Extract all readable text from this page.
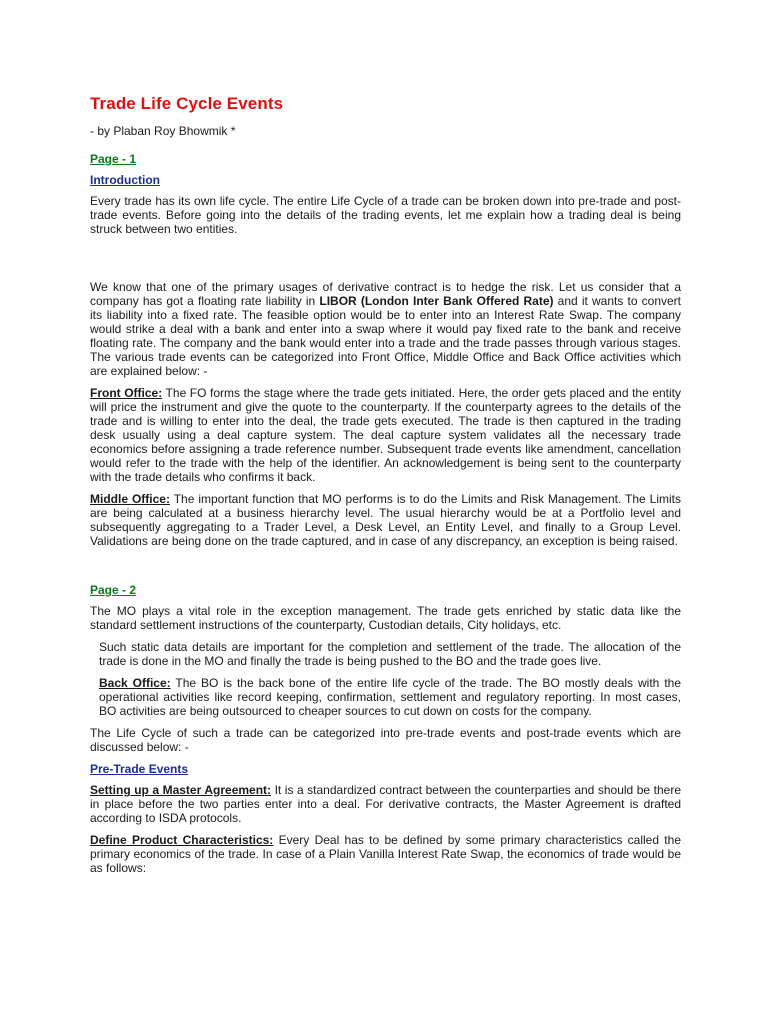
Trade Life Cycle Events
- by Plaban Roy Bhowmik *
Page - 1
Introduction

Every trade has its own life cycle. The entire Life Cycle of a trade can be broken down into pre-trade and post-trade events. Before going into the details of the trading events, let me explain how a trading deal is being struck between two entities.

We know that one of the primary usages of derivative contract is to hedge the risk. Let us consider that a company has got a floating rate liability in LIBOR (London Inter Bank Offered Rate) and it wants to convert its liability into a fixed rate. The feasible option would be to enter into an Interest Rate Swap. The company would strike a deal with a bank and enter into a swap where it would pay fixed rate to the bank and receive floating rate. The company and the bank would enter into a trade and the trade passes through various stages. The various trade events can be categorized into Front Office, Middle Office and Back Office activities which are explained below: -

Front Office: The FO forms the stage where the trade gets initiated. Here, the order gets placed and the entity will price the instrument and give the quote to the counterparty. If the counterparty agrees to the details of the trade and is willing to enter into the deal, the trade gets executed. The trade is then captured in the trading desk usually using a deal capture system. The deal capture system validates all the necessary trade economics before assigning a trade reference number. Subsequent trade events like amendment, cancellation would refer to the trade with the help of the identifier. An acknowledgement is being sent to the counterparty with the trade details who confirms it back.

Middle Office: The important function that MO performs is to do the Limits and Risk Management. The Limits are being calculated at a business hierarchy level. The usual hierarchy would be at a Portfolio level and subsequently aggregating to a Trader Level, a Desk Level, an Entity Level, and finally to a Group Level. Validations are being done on the trade captured, and in case of any discrepancy, an exception is being raised.

Page - 2

The MO plays a vital role in the exception management. The trade gets enriched by static data like the standard settlement instructions of the counterparty, Custodian details, City holidays, etc.

Such static data details are important for the completion and settlement of the trade. The allocation of the trade is done in the MO and finally the trade is being pushed to the BO and the trade goes live.

Back Office: The BO is the back bone of the entire life cycle of the trade. The BO mostly deals with the operational activities like record keeping, confirmation, settlement and regulatory reporting. In most cases, BO activities are being outsourced to cheaper sources to cut down on costs for the company.

The Life Cycle of such a trade can be categorized into pre-trade events and post-trade events which are discussed below: -

Pre-Trade Events

Setting up a Master Agreement: It is a standardized contract between the counterparties and should be there in place before the two parties enter into a deal. For derivative contracts, the Master Agreement is drafted according to ISDA protocols.

Define Product Characteristics: Every Deal has to be defined by some primary characteristics called the primary economics of the trade. In case of a Plain Vanilla Interest Rate Swap, the economics of trade would be as follows:
